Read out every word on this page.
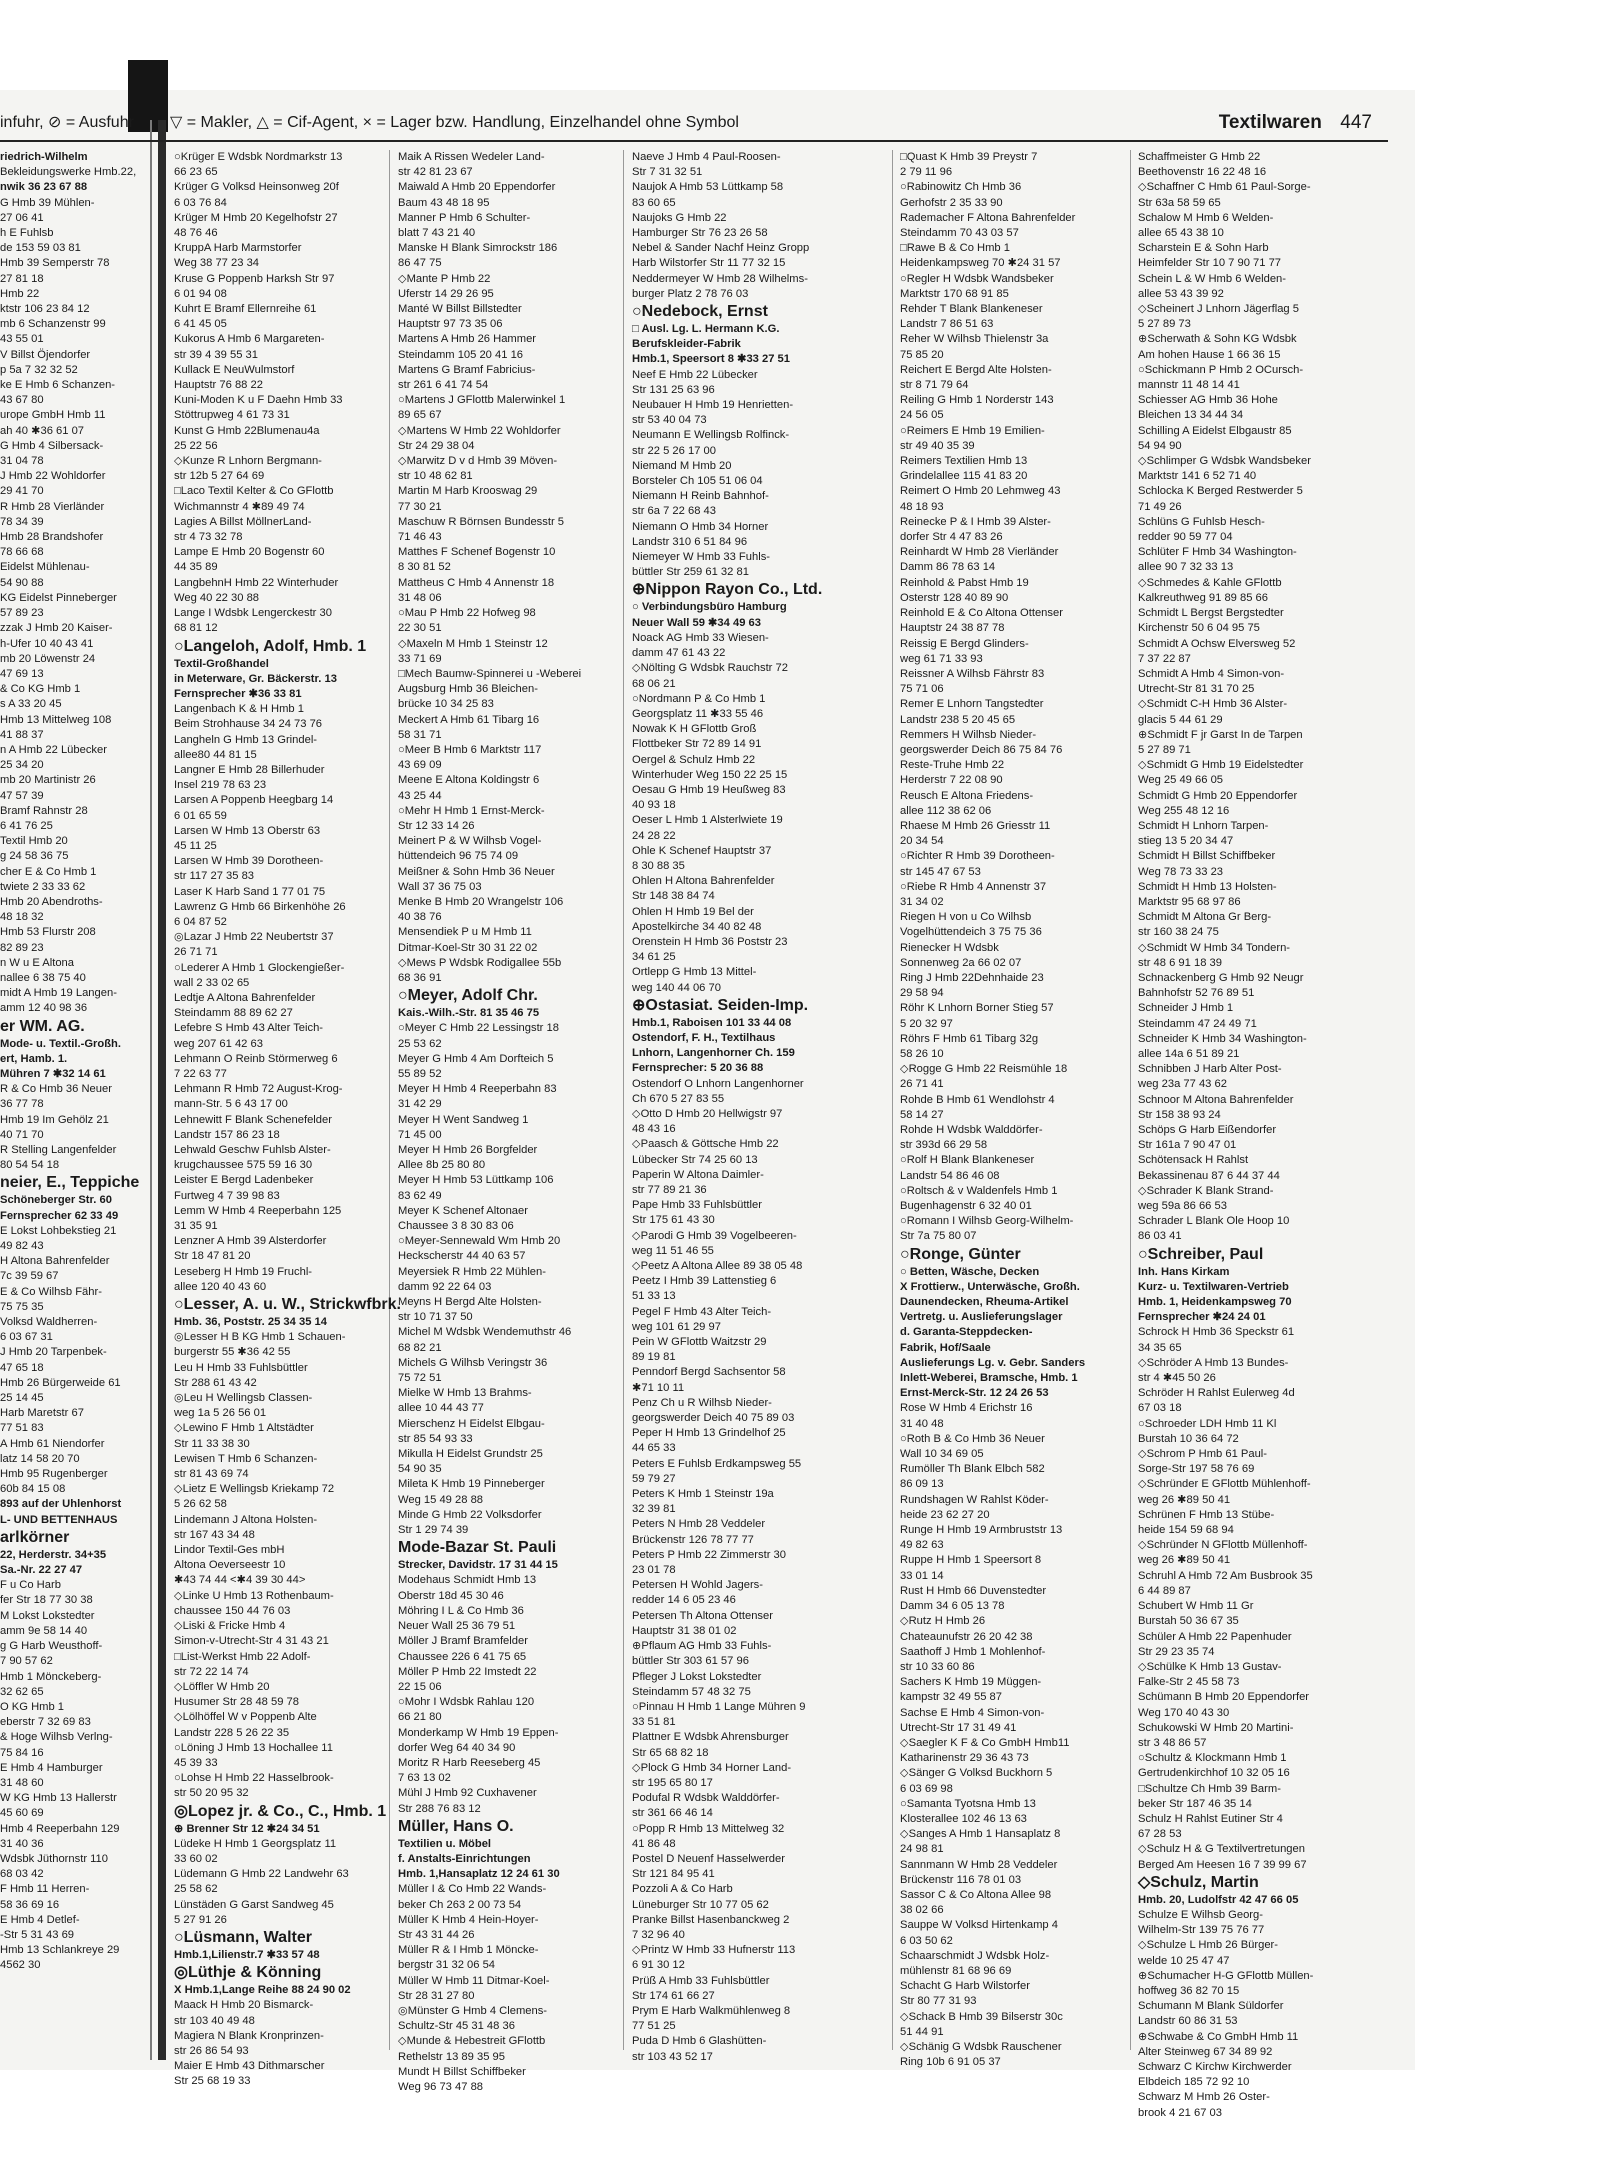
infuhr, ⊘ = Ausfuhr	▽ = Makler, △ = Cif-Agent, × = Lager bzw. Handlung, Einzelhandel ohne Symbol	Textilwaren 447
riedrich-Wilhelm
Bekleidungswerke Hmb.22,
nwik 36 23 67 88
G Hmb 39 Mühlen-
27 06 41
h E Fuhlsb
de 153 59 03 81
Hmb 39 Semperstr 78
27 81 18
Hmb 22
ktstr 106 23 84 12
mb 6 Schanzenstr 99
43 55 01
V Billst Öjendorfer
p 5a 7 32 32 52
ke E Hmb 6 Schanzen-
43 67 80
urope GmbH Hmb 11
ah 40 ✱36 61 07
G Hmb 4 Silbersack-
31 04 78
J Hmb 22 Wohldorfer
29 41 70
R Hmb 28 Vierländer
78 34 39
Hmb 28 Brandshofer
78 66 68
Eidelst Mühlenau-
54 90 88
KG Eidelst Pinneberger
57 89 23
zzak J Hmb 20 Kaiser-
h-Ufer 10 40 43 41
mb 20 Löwenstr 24
47 69 13
& Co KG Hmb 1
s A 33 20 45
Hmb 13 Mittelweg 108
41 88 37
n A Hmb 22 Lübecker
25 34 20
mb 20 Martinistr 26
47 57 39
Bramf Rahnstr 28
6 41 76 25
Textil Hmb 20
g 24 58 36 75
cher E & Co Hmb 1
twiete 2 33 33 62
Hmb 20 Abendroths-
48 18 32
Hmb 53 Flurstr 208
82 89 23
n W u E Altona
nallee 6 38 75 40
midt A Hmb 19 Langen-
amm 12 40 98 36
er WM. AG.
Mode- u. Textil.-Großh.
ert, Hamb. 1.
Mühren 7 ✱32 14 61
R & Co Hmb 36 Neuer
36 77 78
Hmb 19 Im Gehölz 21
40 71 70
R Stelling Langenfelder
80 54 54 18
neier, E., Teppiche
Schöneberger Str. 60
Fernsprecher 62 33 49
E Lokst Lohbekstieg 21
49 82 43
H Altona Bahrenfelder
7c 39 59 67
E & Co Wilhsb Fähr-
75 75 35
Volksd Waldherren-
6 03 67 31
J Hmb 20 Tarpenbek-
47 65 18
Hmb 26 Bürgerweide 61
25 14 45
Harb Maretstr 67
77 51 83
A Hmb 61 Niendorfer
latz 14 58 20 70
Hmb 95 Rugenberger
60b 84 15 08
893 auf der Uhlenhorst
L- UND BETTENHAUS
arlkörner
22, Herderstr. 34+35
Sa.-Nr. 22 27 47
F u Co Harb
fer Str 18 77 30 38
M Lokst Lokstedter
amm 9e 58 14 40
g G Harb Weusthoff-
7 90 57 62
Hmb 1 Mönckeberg-
32 62 65
O KG Hmb 1
eberstr 7 32 69 83
& Hoge Wilhsb Verlng-
75 84 16
E Hmb 4 Hamburger
31 48 60
W KG Hmb 13 Hallerstr
45 60 69
Hmb 4 Reeperbahn 129
31 40 36
Wdsbk Jüthornstr 110
68 03 42
F Hmb 11 Herren-
58 36 69 16
E Hmb 4 Detlef-
-Str 5 31 43 69
Hmb 13 Schlankreye 29
4562 30
○Krüger E Wdsbk Nordmarkstr 13
66 23 65
Krüger G Volksd Heinsonweg 20f
6 03 76 84
Krüger M Hmb 20 Kegelhofstr 27
48 76 46
KruppA Harb Marmstorfer
Weg 38 77 23 34
Kruse G Poppenb Harksh Str 97
6 01 94 08
Kuhrt E Bramf Ellernreihe 61
6 41 45 05
Kukorus A Hmb 6 Margareten-
str 39 4 39 55 31
Kullack E NeuWulmstorf
Hauptstr 76 88 22
Kuni-Moden K u F Daehn Hmb 33
Stöttrupweg 4 61 73 31
Kunst G Hmb 22Blumenau4a
25 22 56
◇Kunze R Lnhorn Bergmann-
str 12b 5 27 64 69
□Laco Textil Kelter & Co GFlottb
Wichmannstr 4 ✱89 49 74
Lagies A Billst MöllnerLand-
str 4 73 32 78
Lampe E Hmb 20 Bogenstr 60
44 35 89
LangbehnH Hmb 22 Winterhuder
Weg 40 22 30 88
Lange I Wdsbk Lengerckestr 30
68 81 12
○Langeloh, Adolf, Hmb. 1
Textil-Großhandel
in Meterware, Gr. Bäckerstr. 13
Fernsprecher ✱36 33 81
Langenbach K & H Hmb 1
Beim Strohhause 34 24 73 76
Langheln G Hmb 13 Grindel-
allee80 44 81 15
Langner E Hmb 28 Billerhuder
Insel 219 78 63 23
Larsen A Poppenb Heegbarg 14
6 01 65 59
Larsen W Hmb 13 Oberstr 63
45 11 25
Larsen W Hmb 39 Dorotheen-
str 117 27 35 83
Laser K Harb Sand 1 77 01 75
Lawrenz G Hmb 66 Birkenhöhe 26
6 04 87 52
◎Lazar J Hmb 22 Neubertstr 37
26 71 71
○Lederer A Hmb 1 Glockengießer-
wall 2 33 02 65
Ledtje A Altona Bahrenfelder
Steindamm 88 89 62 27
Lefebre S Hmb 43 Alter Teich-
weg 207 61 42 63
Lehmann O Reinb Störmerweg 6
7 22 63 77
Lehmann R Hmb 72 August-Krog-
mann-Str. 5 6 43 17 00
Lehnewitt F Blank Schenefelder
Landstr 157 86 23 18
Lehwald Geschw Fuhlsb Alster-
krugchaussee 575 59 16 30
Leister E Bergd Ladenbeker
Furtweg 4 7 39 98 83
Lemm W Hmb 4 Reeperbahn 125
31 35 91
Lenzner A Hmb 39 Alsterdorfer
Str 18 47 81 20
Leseberg H Hmb 19 Fruchl-
allee 120 40 43 60
○Lesser, A. u. W., Strickwfbrk.
Hmb. 36, Poststr. 25 34 35 14
◎Lesser H B KG Hmb 1 Schauen-
burgerstr 55 ✱36 42 55
Leu H Hmb 33 Fuhlsbüttler
Str 288 61 43 42
◎Leu H Wellingsb Classen-
weg 1a 5 26 56 01
◇Lewino F Hmb 1 Altstädter
Str 11 33 38 30
Lewisen T Hmb 6 Schanzen-
str 81 43 69 74
◇Lietz E Wellingsb Kriekamp 72
5 26 62 58
Lindemann J Altona Holsten-
str 167 43 34 48
Lindor Textil-Ges mbH
Altona Oeverseestr 10
✱43 74 44 <✱4 39 30 44>
◇Linke U Hmb 13 Rothenbaum-
chaussee 150 44 76 03
◇Liski & Fricke Hmb 4
Simon-v-Utrecht-Str 4 31 43 21
□List-Werkst Hmb 22 Adolf-
str 72 22 14 74
◇Löffler W Hmb 20
Husumer Str 28 48 59 78
◇Lölhöffel W v Poppenb Alte
Landstr 228 5 26 22 35
○Löning J Hmb 13 Hochallee 11
45 39 33
○Lohse H Hmb 22 Hasselbrook-
str 50 20 95 32
◎Lopez jr. & Co., C., Hmb. 1
⊕ Brenner Str 12 ✱24 34 51
Lüdeke H Hmb 1 Georgsplatz 11
33 60 02
Lüdemann G Hmb 22 Landwehr 63
25 58 62
Lünstäden G Garst Sandweg 45
5 27 91 26
○Lüsmann, Walter
Hmb.1,Lilienstr.7 ✱33 57 48
◎Lüthje & Könning
X Hmb.1,Lange Reihe 88 24 90 02
Maack H Hmb 20 Bismarck-
str 103 40 49 48
Magiera N Blank Kronprinzen-
str 26 86 54 93
Maier E Hmb 43 Dithmarscher
Str 25 68 19 33
Maik A Rissen Wedeler Land-
str 42 81 23 67
Maiwald A Hmb 20 Eppendorfer
Baum 43 48 18 95
Manner P Hmb 6 Schulter-
blatt 7 43 21 40
Manske H Blank Simrockstr 186
86 47 75
◇Mante P Hmb 22
Uferstr 14 29 26 95
Manté W Billst Billstedter
Hauptstr 97 73 35 06
Martens A Hmb 26 Hammer
Steindamm 105 20 41 16
Martens G Bramf Fabricius-
str 261 6 41 74 54
○Martens J GFlottb Malerwinkel 1
89 65 67
◇Martens W Hmb 22 Wohldorfer
Str 24 29 38 04
◇Marwitz D v d Hmb 39 Möven-
str 10 48 62 81
Martin M Harb Krooswag 29
77 30 21
Maschuw R Börnsen Bundesstr 5
71 46 43
Matthes F Schenef Bogenstr 10
8 30 81 52
Mattheus C Hmb 4 Annenstr 18
31 48 06
○Mau P Hmb 22 Hofweg 98
22 30 51
◇Maxeln M Hmb 1 Steinstr 12
33 71 69
□Mech Baumw-Spinnerei u -Weberei
Augsburg Hmb 36 Bleichen-
brücke 10 34 25 83
Meckert A Hmb 61 Tibarg 16
58 31 71
○Meer B Hmb 6 Marktstr 117
43 69 09
Meene E Altona Koldingstr 6
43 25 44
○Mehr H Hmb 1 Ernst-Merck-
Str 12 33 14 26
Meinert P & W Wilhsb Vogel-
hüttendeich 96 75 74 09
Meißner & Sohn Hmb 36 Neuer
Wall 37 36 75 03
Menke B Hmb 20 Wrangelstr 106
40 38 76
Mensendiek P u M Hmb 11
Ditmar-Koel-Str 30 31 22 02
◇Mews P Wdsbk Rodigallee 55b
68 36 91
○Meyer, Adolf Chr.
Kais.-Wilh.-Str. 81 35 46 75
○Meyer C Hmb 22 Lessingstr 18
25 53 62
Meyer G Hmb 4 Am Dorfteich 5
55 89 52
Meyer H Hmb 4 Reeperbahn 83
31 42 29
Meyer H Went Sandweg 1
71 45 00
Meyer H Hmb 26 Borgfelder
Allee 8b 25 80 80
Meyer H Hmb 53 Lüttkamp 106
83 62 49
Meyer K Schenef Altonaer
Chaussee 3 8 30 83 06
○Meyer-Sennewald Wm Hmb 20
Heckscherstr 44 40 63 57
Meyersiek R Hmb 22 Mühlen-
damm 92 22 64 03
Meyns H Bergd Alte Holsten-
str 10 71 37 50
Michel M Wdsbk Wendemuthstr 46
68 82 21
Michels G Wilhsb Veringstr 36
75 72 51
Mielke W Hmb 13 Brahms-
allee 10 44 43 77
Mierschenz H Eidelst Elbgau-
str 85 54 93 33
Mikulla H Eidelst Grundstr 25
54 90 35
Mileta K Hmb 19 Pinneberger
Weg 15 49 28 88
Minde G Hmb 22 Volksdorfer
Str 1 29 74 39
Mode-Bazar St. Pauli
Strecker, Davidstr. 17 31 44 15
Modehaus Schmidt Hmb 13
Oberstr 18d 45 30 46
Möhring I L & Co Hmb 36
Neuer Wall 25 36 79 51
Möller J Bramf Bramfelder
Chaussee 226 6 41 75 65
Möller P Hmb 22 Imstedt 22
22 15 06
○Mohr I Wdsbk Rahlau 120
66 21 80
Monderkamp W Hmb 19 Eppen-
dorfer Weg 64 40 34 90
Moritz R Harb Reeseberg 45
7 63 13 02
Mühl J Hmb 92 Cuxhavener
Str 288 76 83 12
Müller, Hans O.
Textilien u. Möbel
f. Anstalts-Einrichtungen
Hmb. 1,Hansaplatz 12 24 61 30
Müller I & Co Hmb 22 Wands-
beker Ch 263 2 00 73 54
Müller K Hmb 4 Hein-Hoyer-
Str 43 31 44 26
Müller R & I Hmb 1 Mönckе-
bergstr 31 32 06 54
Müller W Hmb 11 Ditmar-Koel-
Str 28 31 27 80
◎Münster G Hmb 4 Clemens-
Schultz-Str 45 31 48 36
◇Munde & Hebestreit GFlottb
Rethelstr 13 89 35 95
Mundt H Billst Schiffbeker
Weg 96 73 47 88
Naeve J Hmb 4 Paul-Roosen-
Str 7 31 32 51
Naujok A Hmb 53 Lüttkamp 58
83 60 65
Naujoks G Hmb 22
Hamburger Str 76 23 26 58
Nebel & Sander Nachf Heinz Gropp
Harb Wilstorfer Str 11 77 32 15
Neddermeyer W Hmb 28 Wilhelms-
burger Platz 2 78 76 03
○Nedebock, Ernst
□ Ausl. Lg. L. Hermann K.G.
Berufskleider-Fabrik
Hmb.1, Speersort 8 ✱33 27 51
Neef E Hmb 22 Lübecker
Str 131 25 63 96
Neubauer H Hmb 19 Henrietten-
str 53 40 04 73
Neumann E Wellingsb Rolfinck-
str 22 5 26 17 00
Niemand M Hmb 20
Borsteler Ch 105 51 06 04
Niemann H Reinb Bahnhof-
str 6a 7 22 68 43
Niemann O Hmb 34 Horner
Landstr 310 6 51 84 96
Niemeyer W Hmb 33 Fuhls-
büttler Str 259 61 32 81
⊕Nippon Rayon Co., Ltd.
○ Verbindungsbüro Hamburg
Neuer Wall 59 ✱34 49 63
Noack AG Hmb 33 Wiesen-
damm 47 61 43 22
◇Nölting G Wdsbk Rauchstr 72
68 06 21
○Nordmann P & Co Hmb 1
Georgsplatz 11 ✱33 55 46
Nowak K H GFlottb Groß
Flottbeker Str 72 89 14 91
Oergel & Schulz Hmb 22
Winterhuder Weg 150 22 25 15
Oesau G Hmb 19 Heußweg 83
40 93 18
Oeser L Hmb 1 Alsterlwiete 19
24 28 22
Ohle K Schenef Hauptstr 37
8 30 88 35
Ohlen H Altona Bahrenfelder
Str 148 38 84 74
Ohlen H Hmb 19 Bel der
Apostelkirche 34 40 82 48
Orenstein H Hmb 36 Poststr 23
34 61 25
Ortlepp G Hmb 13 Mittel-
weg 140 44 06 70
⊕Ostasiat. Seiden-Imp.
Hmb.1, Raboisen 101 33 44 08
Ostendorf, F. H., Textilhaus
Lnhorn, Langenhorner Ch. 159
Fernsprecher: 5 20 36 88
Ostendorf O Lnhorn Langenhorner
Ch 670 5 27 83 55
◇Otto D Hmb 20 Hellwigstr 97
48 43 16
◇Paasch & Göttsche Hmb 22
Lübecker Str 74 25 60 13
Paperin W Altona Daimler-
str 77 89 21 36
Pape Hmb 33 Fuhlsbüttler
Str 175 61 43 30
◇Parodi G Hmb 39 Vogelbeeren-
weg 11 51 46 55
◇Peetz A Altona Allee 89 38 05 48
Peetz I Hmb 39 Lattenstieg 6
51 33 13
Pegel F Hmb 43 Alter Teich-
weg 101 61 29 97
Pein W GFlottb Waitzstr 29
89 19 81
Penndorf Bergd Sachsentor 58
✱71 10 11
Penz Ch u R Wilhsb Nieder-
georgswerder Deich 40 75 89 03
Peper H Hmb 13 Grindelhof 25
44 65 33
Peters E Fuhlsb Erdkampsweg 55
59 79 27
Peters K Hmb 1 Steinstr 19a
32 39 81
Peters N Hmb 28 Veddeler
Brückenstr 126 78 77 77
Peters P Hmb 22 Zimmerstr 30
23 01 78
Petersen H Wohld Jagers-
redder 14 6 05 23 46
Petersen Th Altona Ottenser
Hauptstr 31 38 01 02
⊕Pflaum AG Hmb 33 Fuhls-
büttler Str 303 61 57 96
Pfleger J Lokst Lokstedter
Steindamm 57 48 32 75
○Pinnau H Hmb 1 Lange Mühren 9
33 51 81
Plattner E Wdsbk Ahrensburger
Str 65 68 82 18
◇Plock G Hmb 34 Horner Land-
str 195 65 80 17
Podufal R Wdsbk Walddörfer-
str 361 66 46 14
○Popp R Hmb 13 Mittelweg 32
41 86 48
Postel D Neuenf Hasselwerder
Str 121 84 95 41
Pozzoli A & Co Harb
Lüneburger Str 10 77 05 62
Pranke Billst Hasenbanckweg 2
7 32 96 40
◇Printz W Hmb 33 Hufnerstr 113
6 91 30 12
Prüß A Hmb 33 Fuhlsbüttler
Str 174 61 66 27
Prym E Harb Walkmühlenweg 8
77 51 25
Puda D Hmb 6 Glashütten-
str 103 43 52 17
□Quast K Hmb 39 Preystr 7
2 79 11 96
○Rabinowitz Ch Hmb 36
Gerhofstr 2 35 33 90
Rademacher F Altona Bahrenfelder
Steindamm 70 43 03 57
□Rawe B & Co Hmb 1
Heidenkampsweg 70 ✱24 31 57
○Regler H Wdsbk Wandsbeker
Marktstr 170 68 91 85
Rehder T Blank Blankeneser
Landstr 7 86 51 63
Reher W Wilhsb Thielenstr 3a
75 85 20
Reichert E Bergd Alte Holsten-
str 8 71 79 64
Reiling G Hmb 1 Norderstr 143
24 56 05
○Reimers E Hmb 19 Emilien-
str 49 40 35 39
Reimers Textilien Hmb 13
Grindelallee 115 41 83 20
Reimert O Hmb 20 Lehmweg 43
48 18 93
Reinecke P & I Hmb 39 Alster-
dorfer Str 4 47 83 26
Reinhardt W Hmb 28 Vierländer
Damm 86 78 63 14
Reinhold & Pabst Hmb 19
Osterstr 128 40 89 90
Reinhold E & Co Altona Ottenser
Hauptstr 24 38 87 78
Reissig E Bergd Glinders-
weg 61 71 33 93
Reissner A Wilhsb Fährstr 83
75 71 06
Remer E Lnhorn Tangstedter
Landstr 238 5 20 45 65
Remmers H Wilhsb Nieder-
georgswerder Deich 86 75 84 76
Reste-Truhe Hmb 22
Herderstr 7 22 08 90
Reusch E Altona Friedens-
allee 112 38 62 06
Rhaese M Hmb 26 Griesstr 11
20 34 54
○Richter R Hmb 39 Dorotheen-
str 145 47 67 53
○Riebe R Hmb 4 Annenstr 37
31 34 02
Riegen H von u Co Wilhsb
Vogelhüttendeich 3 75 75 36
Rienecker H Wdsbk
Sonnenweg 2a 66 02 07
Ring J Hmb 22Dehnhaide 23
29 58 94
Röhr K Lnhorn Borner Stieg 57
5 20 32 97
Röhrs F Hmb 61 Tibarg 32g
58 26 10
◇Rogge G Hmb 22 Reismühle 18
26 71 41
Rohde B Hmb 61 Wendlohstr 4
58 14 27
Rohde H Wdsbk Walddörfer-
str 393d 66 29 58
○Rolf H Blank Blankeneser
Landstr 54 86 46 08
○Roltsch & v Waldenfels Hmb 1
Bugenhagenstr 6 32 40 01
○Romann I Wilhsb Georg-Wilhelm-
Str 7a 75 80 07
○Ronge, Günter
○ Betten, Wäsche, Decken
X Frottierw., Unterwäsche, Großh.
Daunendecken, Rheuma-Artikel
Vertretg. u. Auslieferungslager
d. Garanta-Steppdecken-
Fabrik, Hof/Saale
Auslieferungs Lg. v. Gebr. Sanders
Inlett-Weberei, Bramsche, Hmb. 1
Ernst-Merck-Str. 12 24 26 53
Rose W Hmb 4 Erichstr 16
31 40 48
○Roth B & Co Hmb 36 Neuer
Wall 10 34 69 05
Rumöller Th Blank Elbch 582
86 09 13
Rundshagen W Rahlst Köder-
heide 23 62 27 20
Runge H Hmb 19 Armbruststr 13
49 82 63
Ruppe H Hmb 1 Speersort 8
33 01 14
Rust H Hmb 66 Duvenstedter
Damm 34 6 05 13 78
◇Rutz H Hmb 26
Chateaunufstr 26 20 42 38
Saathoff J Hmb 1 Mohlenhof-
str 10 33 60 86
Sachers K Hmb 19 Müggen-
kampstr 32 49 55 87
Sachse E Hmb 4 Simon-von-
Utrecht-Str 17 31 49 41
◇Saegler K F & Co GmbH Hmb11
Katharinenstr 29 36 43 73
◇Sänger G Volksd Buckhorn 5
6 03 69 98
○Samanta Tyotsna Hmb 13
Klosterallee 102 46 13 63
◇Sanges A Hmb 1 Hansaplatz 8
24 98 81
Sannmann W Hmb 28 Veddeler
Brückenstr 116 78 01 03
Sassor C & Co Altona Allee 98
38 02 66
Sauppe W Volksd Hirtenkamp 4
6 03 50 62
Schaarschmidt J Wdsbk Holz-
mühlenstr 81 68 96 69
Schacht G Harb Wilstorfer
Str 80 77 31 93
◇Schack B Hmb 39 Bilserstr 30c
51 44 91
◇Schänig G Wdsbk Rauschener
Ring 10b 6 91 05 37
Schaffmeister G Hmb 22
Beethovenstr 16 22 48 16
◇Schaffner C Hmb 61 Paul-Sorge-
Str 63a 58 59 65
Schalow M Hmb 6 Welden-
allee 65 43 38 10
Scharstein E & Sohn Harb
Heimfelder Str 10 7 90 71 77
Schein L & W Hmb 6 Welden-
allee 53 43 39 92
◇Scheinert J Lnhorn Jägerflag 5
5 27 89 73
⊕Scherwath & Sohn KG Wdsbk
Am hohen Hause 1 66 36 15
○Schickmann P Hmb 2 OCursch-
mannstr 11 48 14 41
Schiesser AG Hmb 36 Hohe
Bleichen 13 34 44 34
Schilling A Eidelst Elbgaustr 85
54 94 90
◇Schlimper G Wdsbk Wandsbeker
Marktstr 141 6 52 71 40
Schlocka K Berged Restwerder 5
71 49 26
Schlüns G Fuhlsb Hesch-
redder 90 59 77 04
Schlüter F Hmb 34 Washington-
allee 90 7 32 33 13
◇Schmedes & Kahle GFlottb
Kalkreuthweg 91 89 85 66
Schmidt L Bergst Bergstedter
Kirchenstr 50 6 04 95 75
Schmidt A Ochsw Elversweg 52
7 37 22 87
Schmidt A Hmb 4 Simon-von-
Utrecht-Str 81 31 70 25
◇Schmidt C-H Hmb 36 Alster-
glacis 5 44 61 29
⊕Schmidt F jr Garst In de Tarpen
5 27 89 71
◇Schmidt G Hmb 19 Eidelstedter
Weg 25 49 66 05
Schmidt G Hmb 20 Eppendorfer
Weg 255 48 12 16
Schmidt H Lnhorn Tarpen-
stieg 13 5 20 34 47
Schmidt H Billst Schiffbeker
Weg 78 73 33 23
Schmidt H Hmb 13 Holsten-
Marktstr 95 68 97 86
Schmidt M Altona Gr Berg-
str 160 38 24 75
◇Schmidt W Hmb 34 Tondern-
str 48 6 91 18 39
Schnackenberg G Hmb 92 Neugr
Bahnhofstr 52 76 89 51
Schneider J Hmb 1
Steindamm 47 24 49 71
Schneider K Hmb 34 Washington-
allee 14a 6 51 89 21
Schnibben J Harb Alter Post-
weg 23a 77 43 62
Schnoor M Altona Bahrenfelder
Str 158 38 93 24
Schöps G Harb Eißendorfer
Str 161a 7 90 47 01
Schötensack H Rahlst
Bekassinenau 87 6 44 37 44
◇Schrader K Blank Strand-
weg 59a 86 66 53
Schrader L Blank Ole Hoop 10
86 03 41
○Schreiber, Paul
Inh. Hans Kirkam
Kurz- u. Textilwaren-Vertrieb
Hmb. 1, Heidenkampsweg 70
Fernsprecher ✱24 24 01
Schrock H Hmb 36 Speckstr 61
34 35 65
◇Schröder A Hmb 13 Bundes-
str 4 ✱45 50 26
Schröder H Rahlst Eulerweg 4d
67 03 18
○Schroeder LDH Hmb 11 Kl
Burstah 10 36 64 72
◇Schrom P Hmb 61 Paul-
Sorge-Str 197 58 76 69
◇Schründer E GFlottb Mühlenhoff-
weg 26 ✱89 50 41
Schrünen F Hmb 13 Stübe-
heide 154 59 68 94
◇Schründer N GFlottb Müllenhoff-
weg 26 ✱89 50 41
Schruhl A Hmb 72 Am Busbrook 35
6 44 89 87
Schubert W Hmb 11 Gr
Burstah 50 36 67 35
Schüler A Hmb 22 Papenhuder
Str 29 23 35 74
◇Schülke K Hmb 13 Gustav-
Falke-Str 2 45 58 73
Schümann B Hmb 20 Eppendorfer
Weg 170 40 43 30
Schukowski W Hmb 20 Martini-
str 3 48 86 57
○Schultz & Klockmann Hmb 1
Gertrudenkirchhof 10 32 05 16
□Schultze Ch Hmb 39 Barm-
beker Str 187 46 35 14
Schulz H Rahlst Eutiner Str 4
67 28 53
◇Schulz H & G Textilvertretungen
Berged Am Heesen 16 7 39 99 67
◇Schulz, Martin
Hmb. 20, Ludolfstr 42 47 66 05
Schulze E Wilhsb Georg-
Wilhelm-Str 139 75 76 77
◇Schulze L Hmb 26 Bürger-
welde 10 25 47 47
⊕Schumacher H-G GFlottb Müllen-
hoffweg 36 82 70 15
Schumann M Blank Süldorfer
Landstr 60 86 31 53
⊕Schwabe & Co GmbH Hmb 11
Alter Steinweg 67 34 89 92
Schwarz C Kirchw Kirchwerder
Elbdeich 185 72 92 10
Schwarz M Hmb 26 Oster-
brook 4 21 67 03
